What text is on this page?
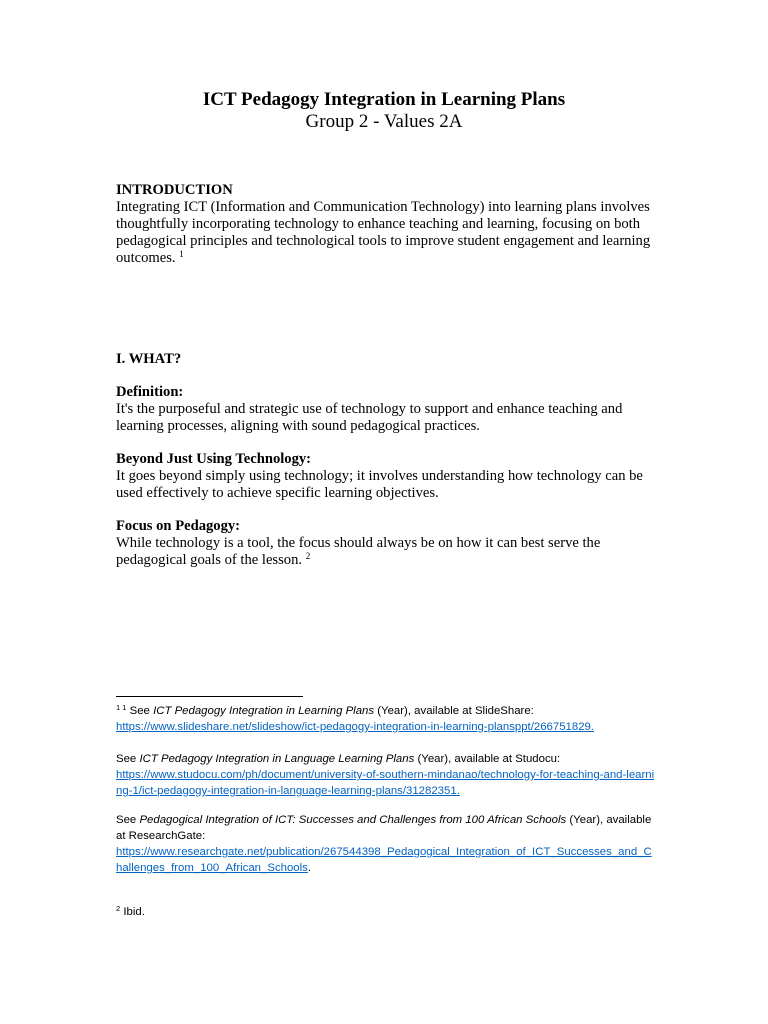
ICT Pedagogy Integration in Learning Plans
Group 2 - Values 2A
INTRODUCTION
Integrating ICT (Information and Communication Technology) into learning plans involves thoughtfully incorporating technology to enhance teaching and learning, focusing on both pedagogical principles and technological tools to improve student engagement and learning outcomes. $^1$
I. WHAT?
Definition:
It's the purposeful and strategic use of technology to support and enhance teaching and learning processes, aligning with sound pedagogical practices.
Beyond Just Using Technology:
It goes beyond simply using technology; it involves understanding how technology can be used effectively to achieve specific learning objectives.
Focus on Pedagogy:
While technology is a tool, the focus should always be on how it can best serve the pedagogical goals of the lesson. $^2$
$^{1 1}$ See ICT Pedagogy Integration in Learning Plans (Year), available at SlideShare:
https://www.slideshare.net/slideshow/ict-pedagogy-integration-in-learning-plansppt/266751829.
See ICT Pedagogy Integration in Language Learning Plans (Year), available at Studocu:
https://www.studocu.com/ph/document/university-of-southern-mindanao/technology-for-teaching-and-learning-1/ict-pedagogy-integration-in-language-learning-plans/31282351.
See Pedagogical Integration of ICT: Successes and Challenges from 100 African Schools (Year), available at ResearchGate:
https://www.researchgate.net/publication/267544398_Pedagogical_Integration_of_ICT_Successes_and_Challenges_from_100_African_Schools.
$^2$ Ibid.
